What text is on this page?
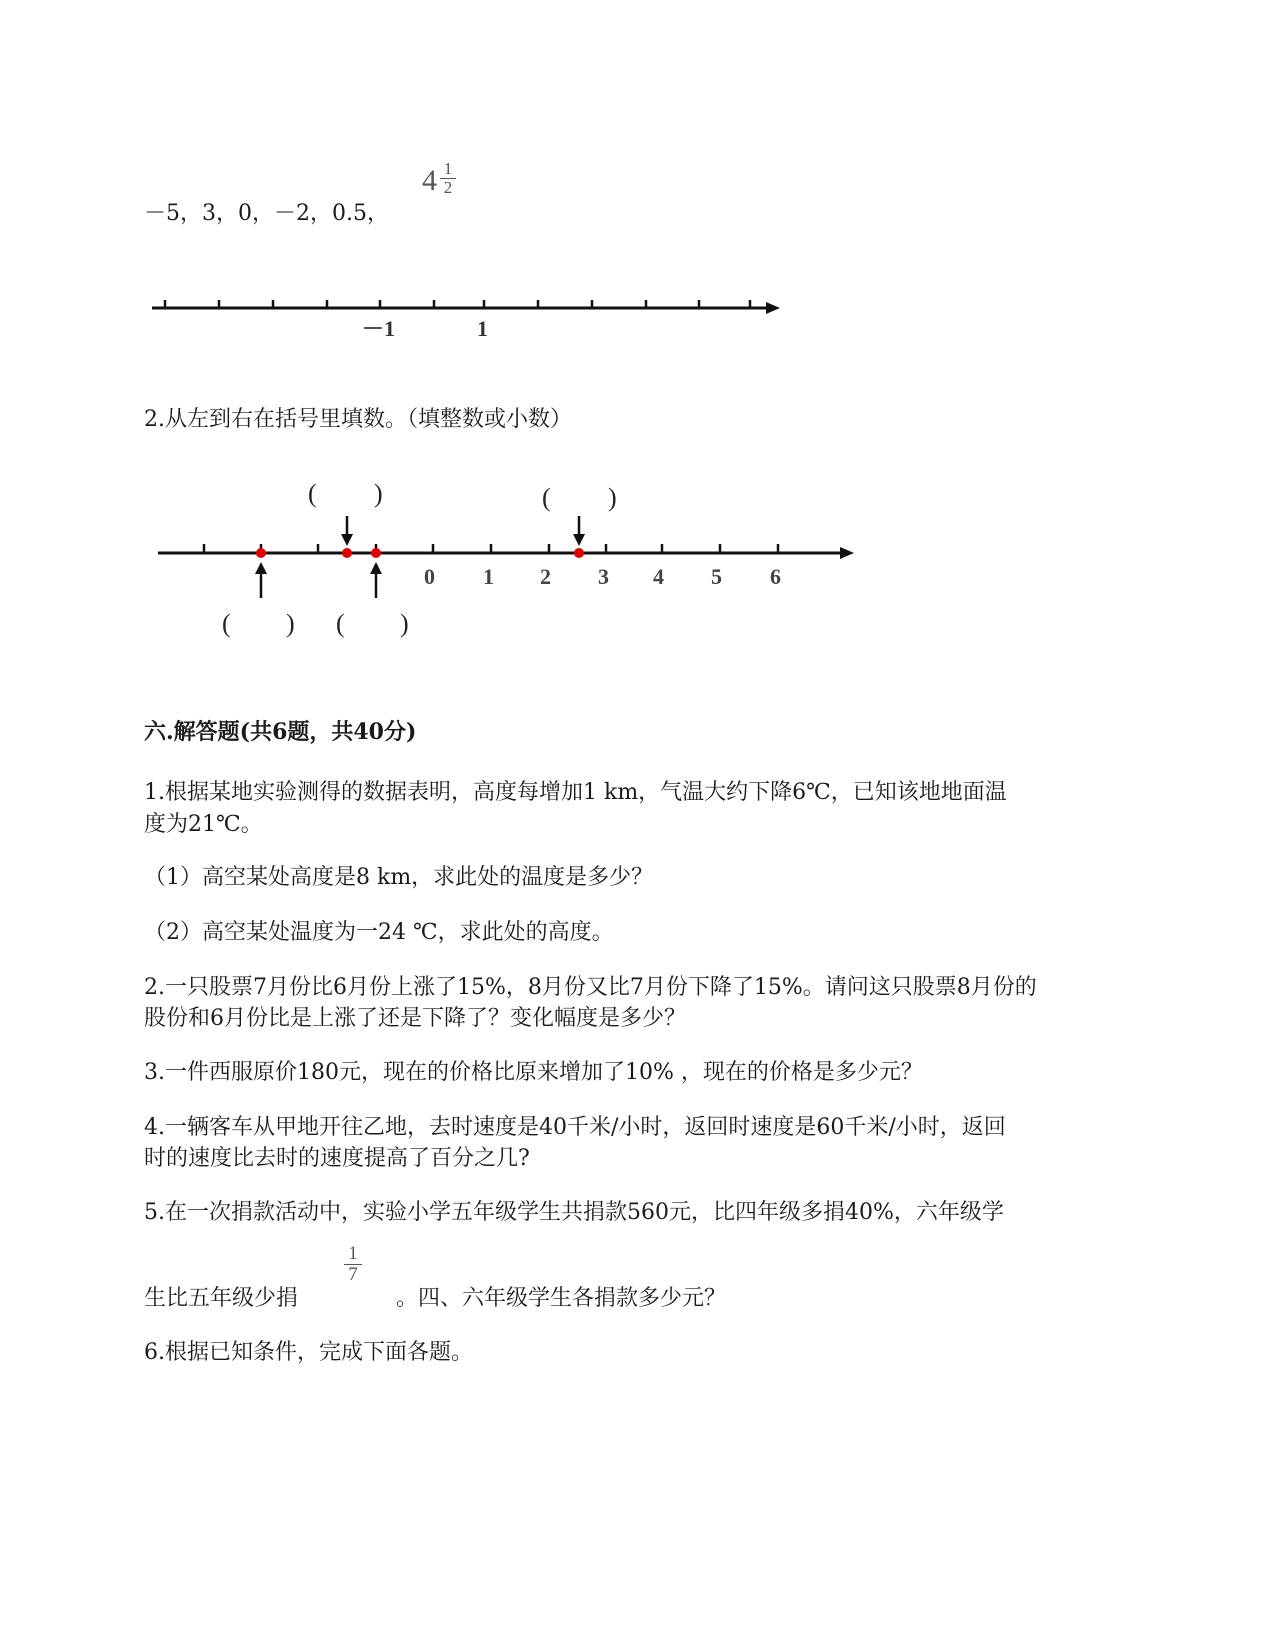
－5，3，0，－2，0.5，
4 1
2
－1	1
2.从左到右在括号里填数。（填整数或小数）
0 1 2 3 4 5 6
( )	( )
( ) ( )
六.解答题(共6题，共40分)
1.根据某地实验测得的数据表明，高度每增加1 km，气温大约下降6℃，已知该地地面温
度为21℃。
（1）高空某处高度是8 km，求此处的温度是多少？
（2）高空某处温度为一24 ℃，求此处的高度。
2.一只股票7月份比6月份上涨了15%，8月份又比7月份下降了15%。请问这只股票8月份的
股份和6月份比是上涨了还是下降了？变化幅度是多少？
3.一件西服原价180元，现在的价格比原来增加了10% ，现在的价格是多少元？
4.一辆客车从甲地开往乙地，去时速度是40千米/小时，返回时速度是60千米/小时，返回
时的速度比去时的速度提高了百分之几?
5.在一次捐款活动中，实验小学五年级学生共捐款560元，比四年级多捐40%，六年级学
1
7
生比五年级少捐	。四、六年级学生各捐款多少元？
6.根据已知条件，完成下面各题。
